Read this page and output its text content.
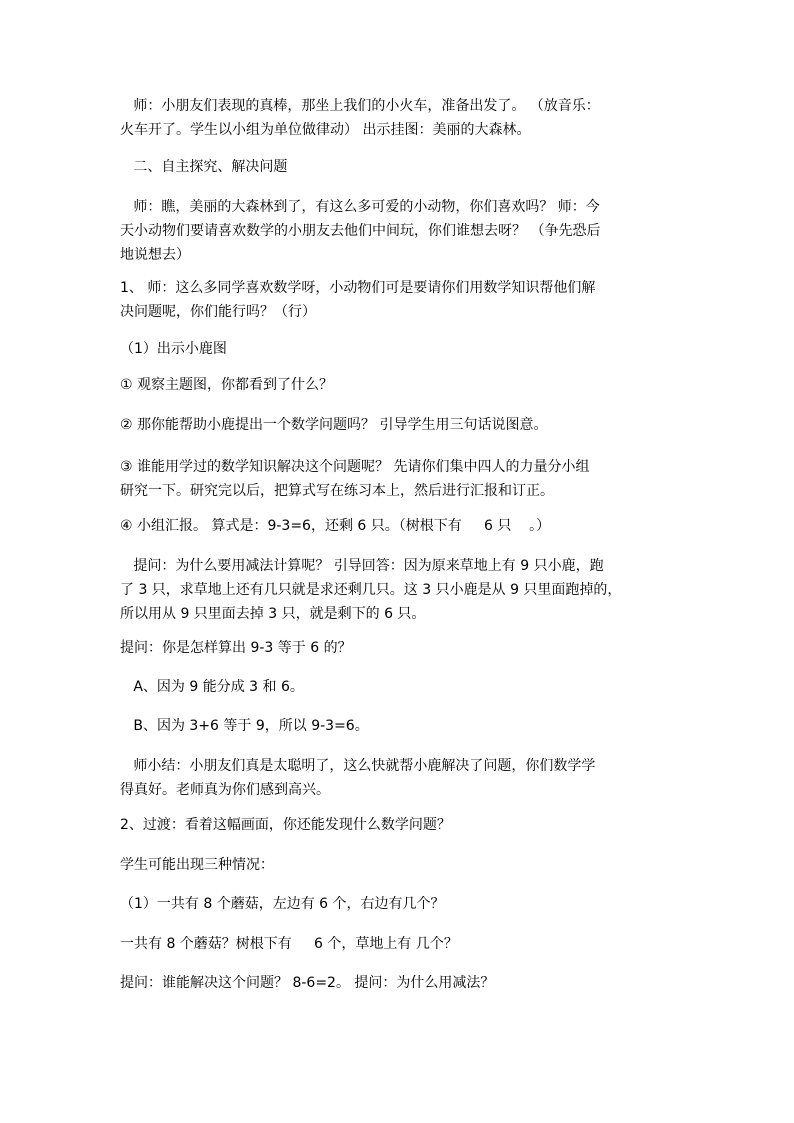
师：小朋友们表现的真棒，那坐上我们的小火车，准备出发了。 （放音乐：
火车开了。学生以小组为单位做律动） 出示挂图：美丽的大森林。

二、自主探究、解决问题

师：瞧，美丽的大森林到了，有这么多可爱的小动物，你们喜欢吗？ 师：今
天小动物们要请喜欢数学的小朋友去他们中间玩，你们谁想去呀？ （争先恐后
地说想去）

1、 师：这么多同学喜欢数学呀，小动物们可是要请你们用数学知识帮他们解
决问题呢，你们能行吗？（行）

（1）出示小鹿图

① 观察主题图，你都看到了什么？

② 那你能帮助小鹿提出一个数学问题吗？ 引导学生用三句话说图意。

③ 谁能用学过的数学知识解决这个问题呢？ 先请你们集中四人的力量分小组
研究一下。研究完以后，把算式写在练习本上，然后进行汇报和订正。

④ 小组汇报。 算式是：9-3=6，还剩 6 只。（树根下有     6 只    。）

提问：为什么要用减法计算呢？ 引导回答：因为原来草地上有 9 只小鹿，跑
了 3 只，求草地上还有几只就是求还剩几只。这 3 只小鹿是从 9 只里面跑掉的，
所以用从 9 只里面去掉 3 只，就是剩下的 6 只。

提问：你是怎样算出 9-3 等于 6 的？

A、因为 9 能分成 3 和 6。

B、因为 3+6 等于 9，所以 9-3=6。

师小结：小朋友们真是太聪明了，这么快就帮小鹿解决了问题，你们数学学
得真好。老师真为你们感到高兴。

2、过渡：看着这幅画面，你还能发现什么数学问题？

学生可能出现三种情况：

（1）一共有 8 个蘑菇，左边有 6 个，右边有几个？

一共有 8 个蘑菇？树根下有     6 个，草地上有 几个？

提问：谁能解决这个问题？ 8-6=2。 提问：为什么用减法？
